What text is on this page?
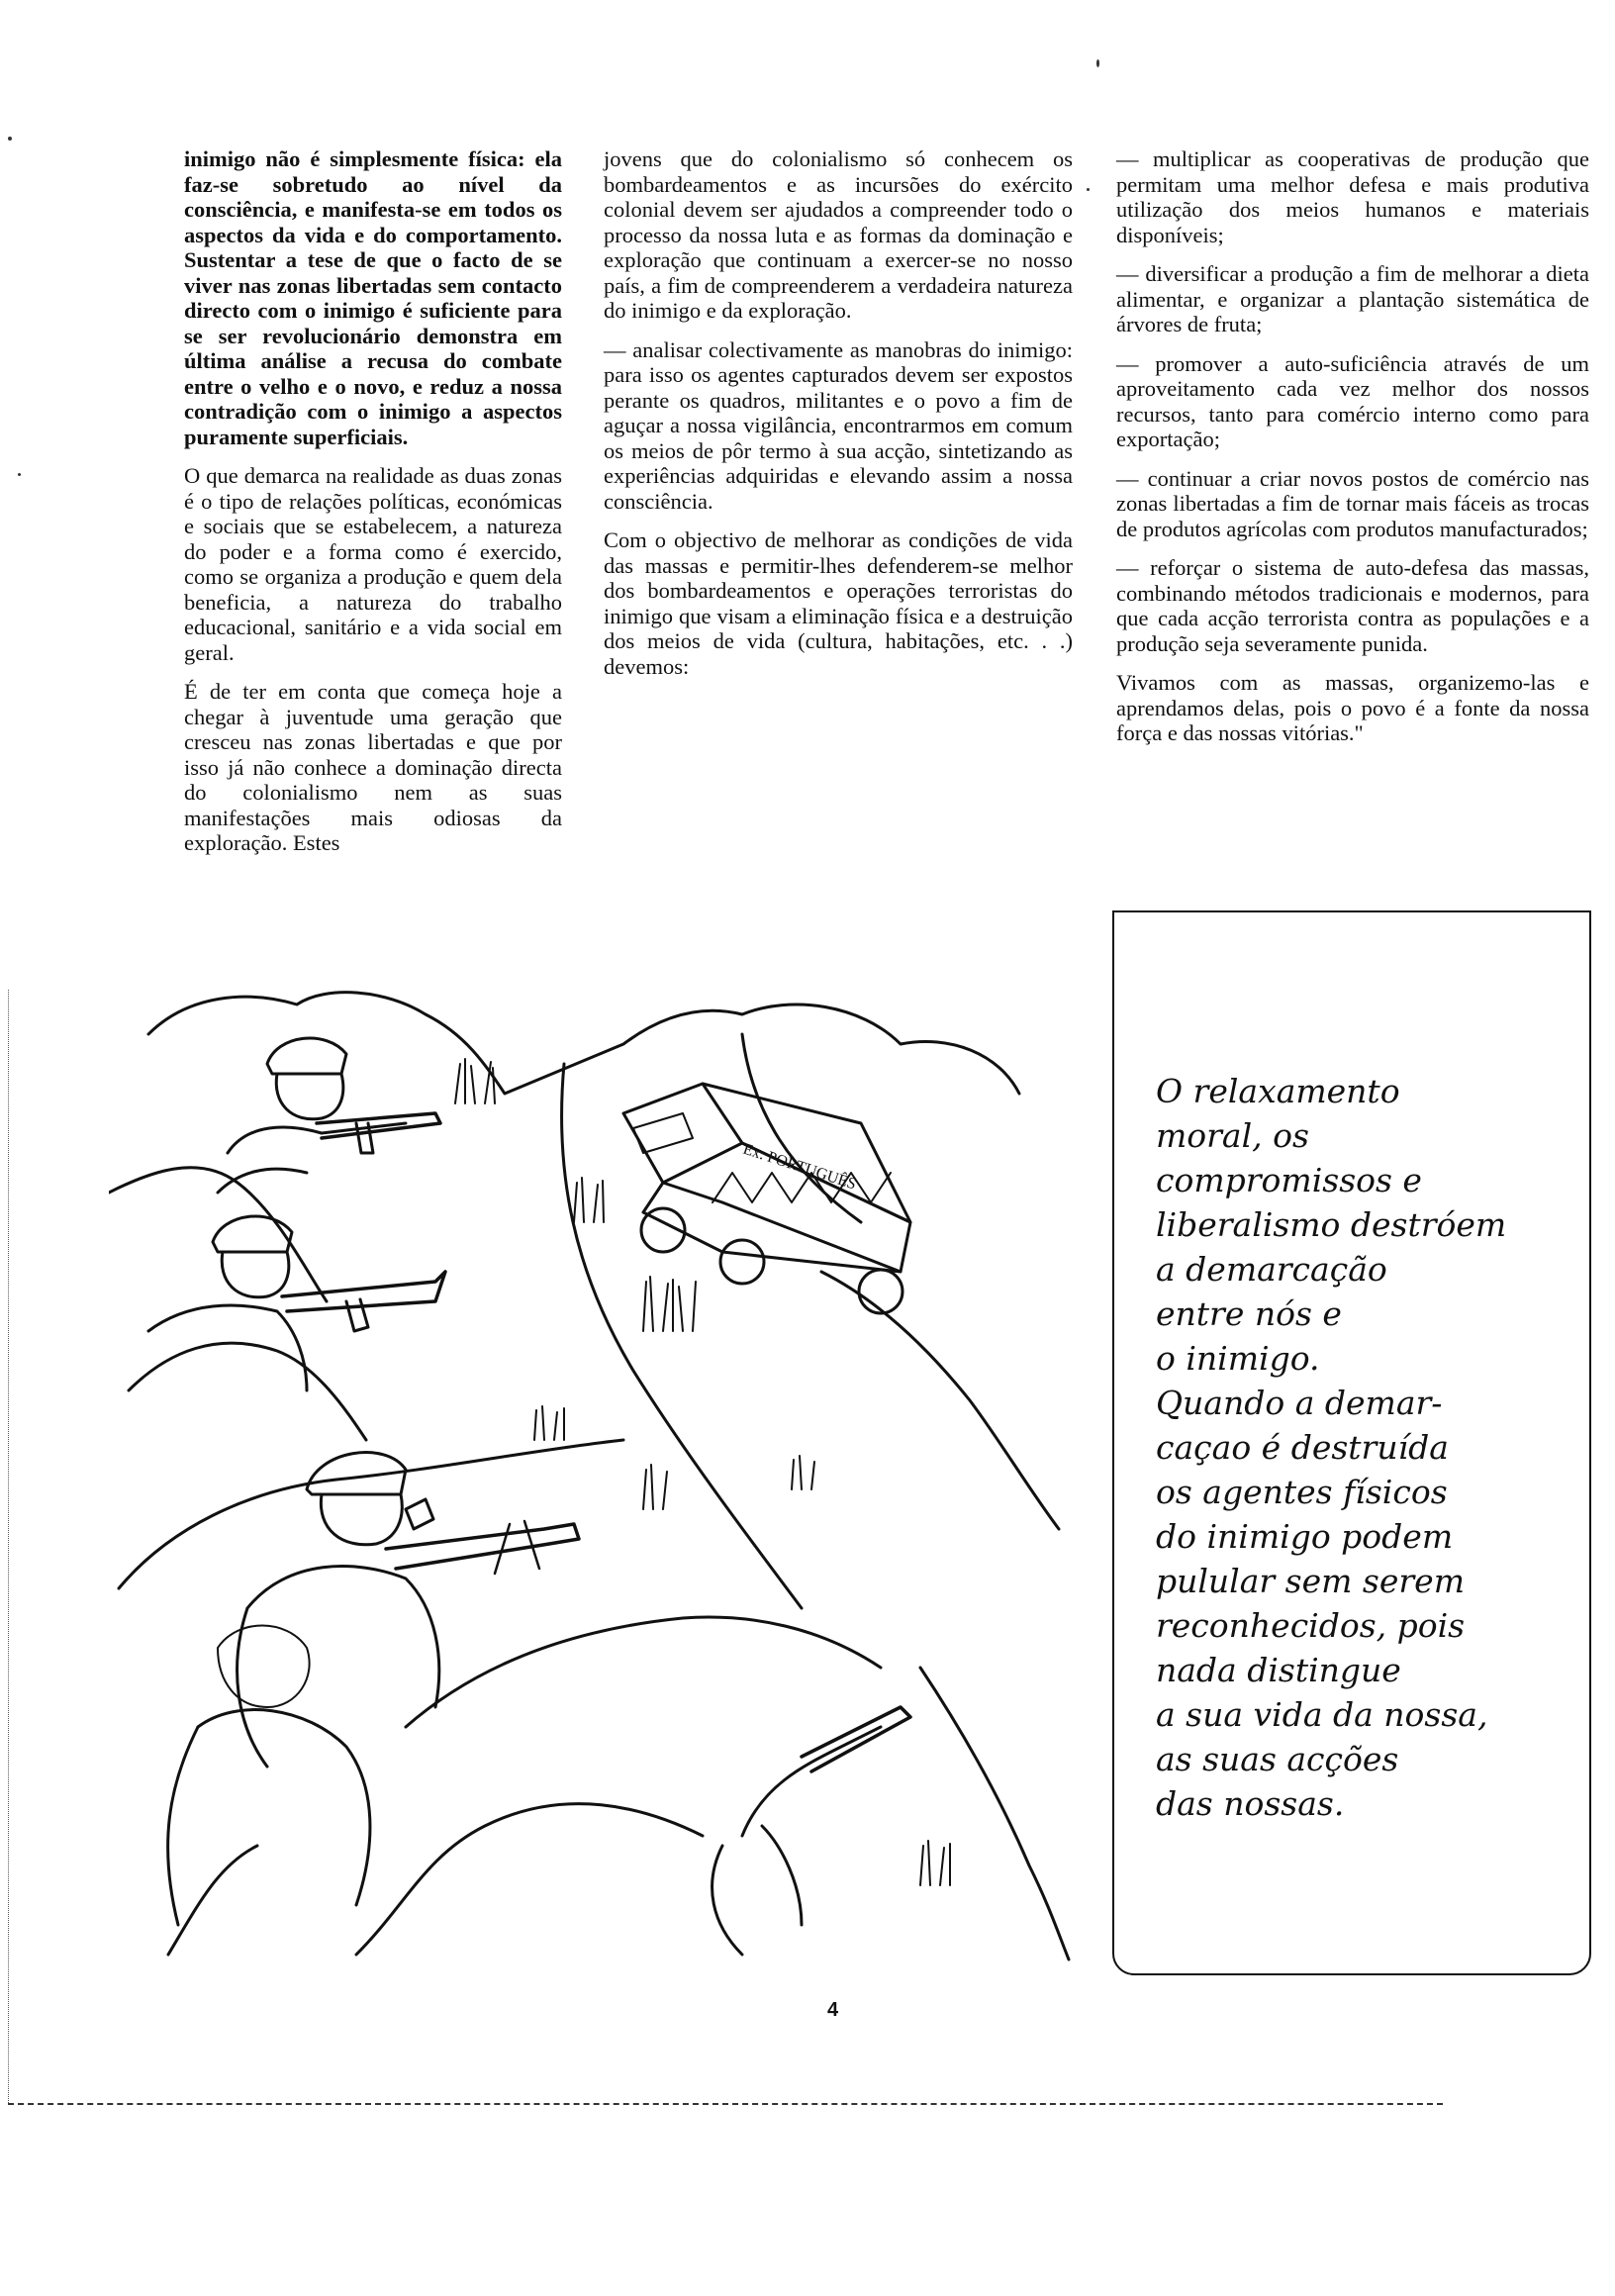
inimigo não é simplesmente física: ela faz-se sobretudo ao nível da consciência, e manifesta-se em todos os aspectos da vida e do comportamento. Sustentar a tese de que o facto de se viver nas zonas libertadas sem contacto directo com o inimigo é suficiente para se ser revolucionário demonstra em última análise a recusa do combate entre o velho e o novo, e reduz a nossa contradição com o inimigo a aspectos puramente superficiais.

O que demarca na realidade as duas zonas é o tipo de relações políticas, económicas e sociais que se estabelecem, a natureza do poder e a forma como é exercido, como se organiza a produção e quem dela beneficia, a natureza do trabalho educacional, sanitário e a vida social em geral.

É de ter em conta que começa hoje a chegar à juventude uma geração que cresceu nas zonas libertadas e que por isso já não conhece a dominação directa do colonialismo nem as suas manifestações mais odiosas da exploração. Estes

jovens que do colonialismo só conhecem os bombardeamentos e as incursões do exército colonial devem ser ajudados a compreender todo o processo da nossa luta e as formas da dominação e exploração que continuam a exercer-se no nosso país, a fim de compreenderem a verdadeira natureza do inimigo e da exploração.

— analisar colectivamente as manobras do inimigo: para isso os agentes capturados devem ser expostos perante os quadros, militantes e o povo a fim de aguçar a nossa vigilância, encontrarmos em comum os meios de pôr termo à sua acção, sintetizando as experiências adquiridas e elevando assim a nossa consciência.

Com o objectivo de melhorar as condições de vida das massas e permitir-lhes defenderem-se melhor dos bombardeamentos e operações terroristas do inimigo que visam a eliminação física e a destruição dos meios de vida (cultura, habitações, etc. . .) devemos:

— multiplicar as cooperativas de produção que permitam uma melhor defesa e mais produtiva utilização dos meios humanos e materiais disponíveis;

— diversificar a produção a fim de melhorar a dieta alimentar, e organizar a plantação sistemática de árvores de fruta;

— promover a auto-suficiência através de um aproveitamento cada vez melhor dos nossos recursos, tanto para comércio interno como para exportação;

— continuar a criar novos postos de comércio nas zonas libertadas a fim de tornar mais fáceis as trocas de produtos agrícolas com produtos manufacturados;

— reforçar o sistema de auto-defesa das massas, combinando métodos tradicionais e modernos, para que cada acção terrorista contra as populações e a produção seja severamente punida.

Vivamos com as massas, organizemo-las e aprendamos delas, pois o povo é a fonte da nossa força e das nossas vitórias."

Ex. PORTUGUÊS
O relaxamento
moral, os
compromissos e
liberalismo destróem
a demarcação
entre nós e
o inimigo.
Quando a demar-
caçao é destruída
os agentes físicos
do inimigo podem
pulular sem serem
reconhecidos, pois
nada distingue
a sua vida da nossa,
as suas acções
das nossas.
4
